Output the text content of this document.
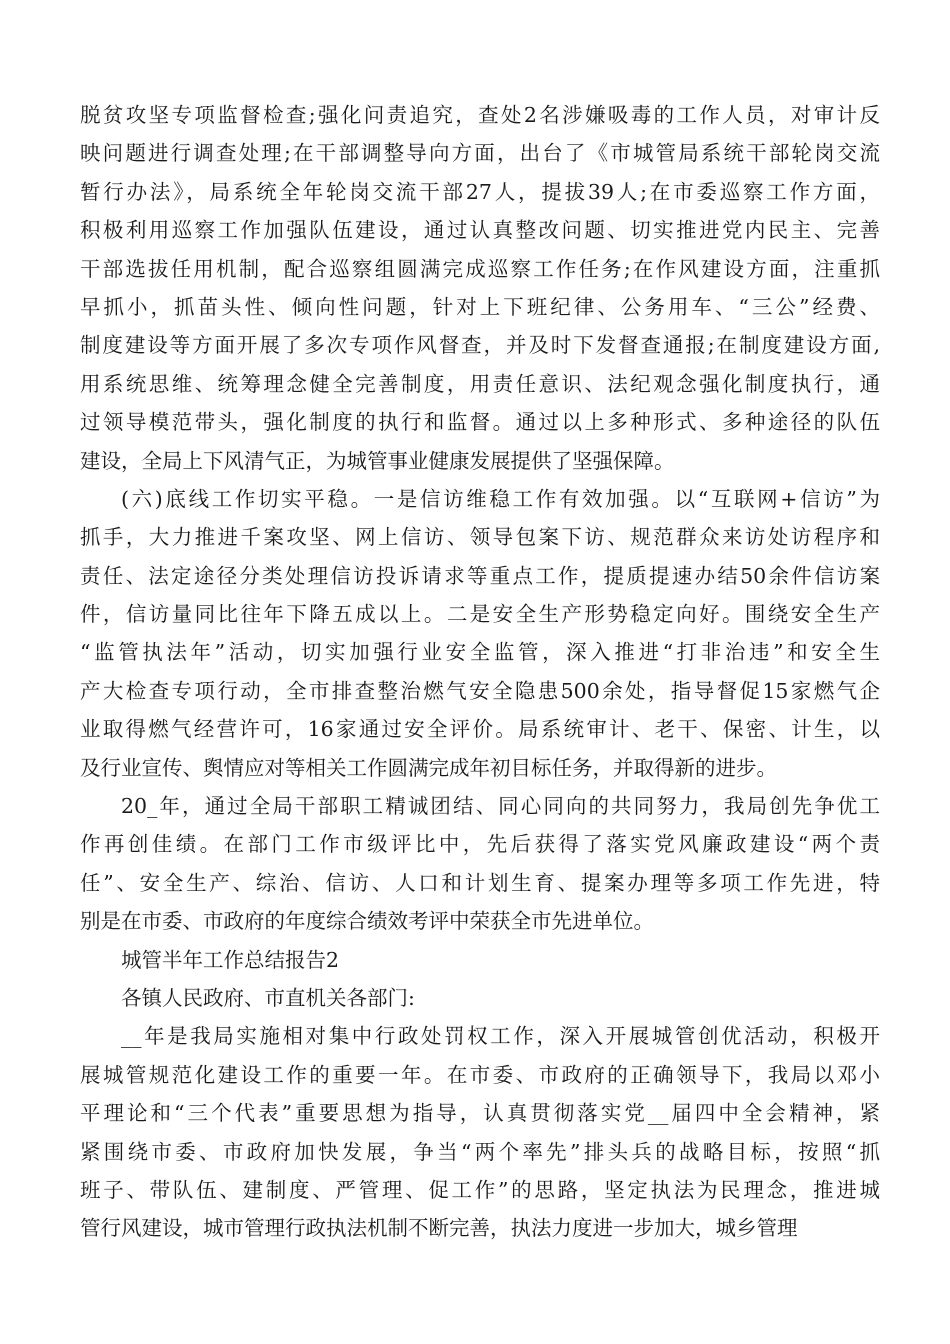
脱贫攻坚专项监督检查;强化问责追究，查处2名涉嫌吸毒的工作人员，对审计反
映问题进行调查处理;在干部调整导向方面，出台了《市城管局系统干部轮岗交流
暂行办法》，局系统全年轮岗交流干部27人，提拔39人;在市委巡察工作方面，
积极利用巡察工作加强队伍建设，通过认真整改问题、切实推进党内民主、完善
干部选拔任用机制，配合巡察组圆满完成巡察工作任务;在作风建设方面，注重抓
早抓小，抓苗头性、倾向性问题，针对上下班纪律、公务用车、“三公”经费、
制度建设等方面开展了多次专项作风督查，并及时下发督查通报;在制度建设方面,
用系统思维、统筹理念健全完善制度，用责任意识、法纪观念强化制度执行，通
过领导模范带头，强化制度的执行和监督。通过以上多种形式、多种途径的队伍
建设，全局上下风清气正，为城管事业健康发展提供了坚强保障。
(六)底线工作切实平稳。一是信访维稳工作有效加强。以“互联网+信访”为
抓手，大力推进千案攻坚、网上信访、领导包案下访、规范群众来访处访程序和
责任、法定途径分类处理信访投诉请求等重点工作，提质提速办结50余件信访案
件，信访量同比往年下降五成以上。二是安全生产形势稳定向好。围绕安全生产
“监管执法年”活动，切实加强行业安全监管，深入推进“打非治违”和安全生
产大检查专项行动，全市排查整治燃气安全隐患500余处，指导督促15家燃气企
业取得燃气经营许可，16家通过安全评价。局系统审计、老干、保密、计生，以
及行业宣传、舆情应对等相关工作圆满完成年初目标任务，并取得新的进步。
20_年，通过全局干部职工精诚团结、同心同向的共同努力，我局创先争优工
作再创佳绩。在部门工作市级评比中，先后获得了落实党风廉政建设“两个责
任”、安全生产、综治、信访、人口和计划生育、提案办理等多项工作先进，特
别是在市委、市政府的年度综合绩效考评中荣获全市先进单位。
城管半年工作总结报告2
各镇人民政府、市直机关各部门:
__年是我局实施相对集中行政处罚权工作，深入开展城管创优活动，积极开
展城管规范化建设工作的重要一年。在市委、市政府的正确领导下，我局以邓小
平理论和“三个代表”重要思想为指导，认真贯彻落实党__届四中全会精神，紧
紧围绕市委、市政府加快发展，争当“两个率先”排头兵的战略目标，按照“抓
班子、带队伍、建制度、严管理、促工作”的思路，坚定执法为民理念，推进城
管行风建设，城市管理行政执法机制不断完善，执法力度进一步加大，城乡管理
